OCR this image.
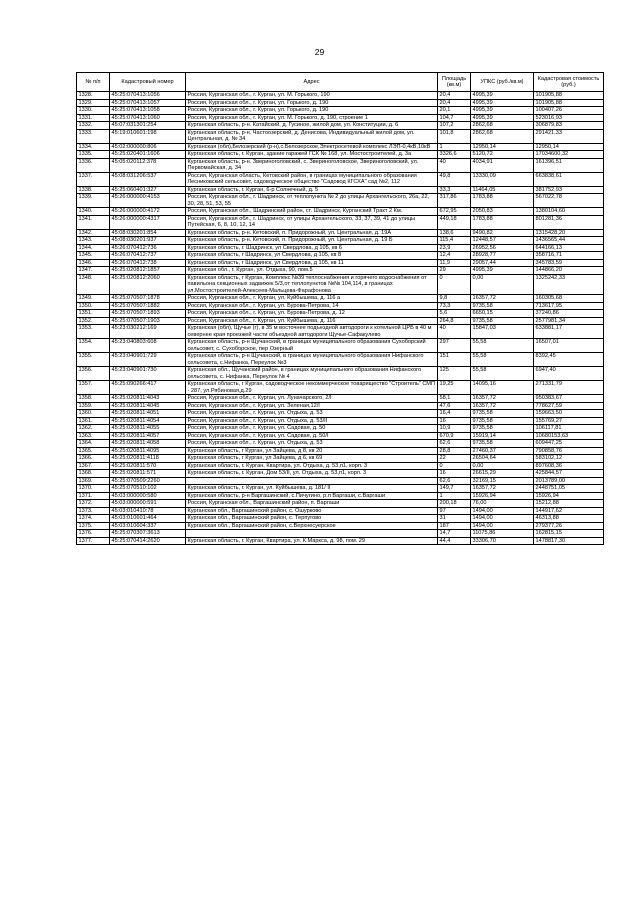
29
№ п/п	Кадастровый номер	Адрес	Площадь (кв.м)	УПКС (руб./кв.м)	Кадастровая стоимость (руб.)
1328.	45:25:070413:1056	Россия, Курганская обл., г. Курган, ул. М. Горького, 190	20,4	4995,39	101905,88
1329.	45:25:070413:1057	Россия, Курганская обл., г. Курган, ул. Горького, д. 190	20,4	4995,39	101905,88
1330.	45:25:070413:1058	Россия, Курганская обл., г. Курган, ул. Горького, д. 190	20,1	4995,39	100407,26
1331.	45:25:070413:1060	Россия, Курганская обл., г. Курган, ул. М. Горького, д. 190, строение 1	104,7	4995,39	523016,93
1332.	45:07:031301:254	Курганская область, р-н. Катайский, д. Гусиное, жилой дом, ул. Конституции, д. 6	107,2	2862,68	306879,83
1333.	45:19:010601:198	Курганская область, р-н. Частоозерский, д. Денисова, Индивидуальный жилой дом, ул. Центральная, д. № 34	101,8	2862,68	291421,33
1334.	45:02:000000:806	Курганская (обл),Белозерский (р-н),с.Белозерское,Электросетевой комплекс ЛЭП-0,4кВ,10кВ	1	12950,14	12950,14
1335.	45:25:020401:1606	Курганская область, г. Курган, здание гаражей ГСК № 168, ул. Мостостроителей, д. 3а	3326,6	5120,72	17034600,32
1336.	45:05:020112:378	Курганская область, р-н. Звериноголовский, с. Звериноголовское, Звериноголовский, ул. Первомайская, д. 34	40	4034,91	161396,51
1337.	45:08:031206:537	Россия, Курганская область, Кетовский район, в границах муниципального образования Лесниковский сельсовет, садоводческое общество "Садовод КГСХА" сад №2, 112	49,8	13330,09	663838,61
1338.	45:25:060401:327	Курганская область, г. Курган, 6-р Солнечный, д. 5	33,3	11464,05	381752,93
1339.	45:26:000000:4153	Россия, Курганская обл., г. Шадринск, от теплопункта № 2 до улицы Архангельского, 26а, 22, 30, 28, 51, 53, 55	317,86	1783,88	567022,78
1340.	45:26:000000:4172	Россия, Курганская обл., Шадринский район, ст. Шадринск, Курганский Тракт 2 Км.	672,95	2050,83	1380104,60
1341.	45:26:000000:4317	Россия, Курганская обл., г. Шадринск, от улицы Архангельского, 33, 37, 39, 41 до улицы Путейская, 6, 8, 10, 12, 14	449,18	1783,88	801281,36
1342.	45:08:030201:854	Курганская область, р-н. Кетовский, п. Придорожный, ул. Центральная, д. 19А	138,6	9490,82	1315428,20
1343.	45:08:030201:937	Курганская область, р-н. Кетовский, п. Придорожный, ул. Центральная, д. 19 Б	115,4	12448,57	1436565,44
1344.	45:26:070412:736	Курганская область, г. Шадринск, ул Свердлова, д 105, кв 6	23,9	26952,56	644166,13
1345.	45:26:070412:737	Курганская область, г Шадринск, ул Свердлова, д 105, кв 8	12,4	28928,77	358716,71
1346.	45:26:070412:738	Курганская область, г Шадринск, ул Свердлова, д 105, кв 11	11,9	29057,44	345783,59
1347.	45:25:020812:1857	Курганская обл., г. Курган, ул. Отдыха, 90, пом.5	29	4995,39	144866,20
1348.	45:25:020812:2060	Курганская область, г Курган, Комплекс №39 теплоснабжения и горячего водоснабжения от павильона секционных задвижек 5/3,от теплопунктов №№ 104,114, в границах ул.Мостостроителей-Алексеев-Мальцева-Фарафонова	0	0,00	1325242,33
1349.	45:25:070507:1878	Россия, Курганская обл., г. Курган, ул. Куйбышева, д. 116 а	9,8	16357,72	160305,68
1350.	45:25:070507:1882	Россия, Курганская обл., г. Курган, ул. Бурова-Петрова, 14	73,3	9735,58	713617,95
1351.	45:25:070507:1893	Россия, Курганская обл., г. Курган, ул. Бурова-Петрова, д. 12	5,6	6650,15	37240,86
1352.	45:25:070507:1903	Россия, Курганская обл., г. Курган, ул. Куйбышева, д. 116	264,8	9735,58	2577981,34
1353.	45:23:030212:169	Курганская (обл), Щучье (г), в 35 м восточнее подъездной автодороги к котельной ЦРБ в 40 м севернее края проезжей части объездной автодороги Щучье-Сафакулево	40	15847,03	633881,17
1354.	45:23:040803:608	Курганская область, р-н Щучанский, в границах муниципального образования Сухоборский сельсовет, с. Сухоборское, пер Озерный	297	55,58	16507,01
1355.	45:23:040901:729	Курганская область, р-н Щучанский, в границах муниципального образования Нифанского сельсовета, с.Нифанка, Переулок №3	151	55,58	8392,45
1356.	45:23:040901:730	Курганская обл., Щучанский район, в границах муниципального образования Нифанского сельсовета, с. Нифанка, Переулок № 4	125	55,58	6947,40
1357.	45:25:090266:417	Курганская область, г Курган, садоводческое некоммерческое товарищество "Строитель" СМП - 287, ул.Рябиновая,д.29	19,25	14095,16	271331,79
1358.	45:25:020811:4043	Россия, Курганская обл., г. Курган, ул. Луначарского, 2/I	58,1	16357,72	950383,67
1359.	45:25:020811:4045	Россия, Курганская обл., г. Курган, ул. Зеленая,12/I	47,6	16357,72	778627,59
1360.	45:25:020811:4051	Россия, Курганская обл., г. Курган, ул. Отдыха, д. 53	16,4	9735,58	159663,50
1361.	45:25:020811:4054	Россия, Курганская обл., г. Курган, ул. Отдыха, д. 53/II	16	9735,58	155769,27
1362.	45:25:020811:4055	Россия, Курганская обл., г. Курган, ул. Садовая, д. 50	10,9	9735,58	106117,81
1363.	45:25:020811:4057	Россия, Курганская обл., г. Курган, ул. Садовая, д. 50/I	670,9	15919,14	10680153,63
1364.	45:25:020811:4058	Россия, Курганская обл., г. Курган, ул. Отдыха, д. 53	62,6	9735,58	609447,25
1365.	45:25:020811:4095	Курганская область, г Курган, ул Зайцева, д 8, кв 20	28,8	27460,37	790858,76
1366.	45:25:020811:4118	Курганская область, г Курган, ул Зайцева, д 6, кв 69	22	26504,64	583102,12
1367.	45:25:020811:570	Курганская область, г. Курган, Квартира, ул. Отдыха, д. 53,п1, корп. 3	0	0,00	897608,36
1368.	45:25:020811:571	Курганская область, г. Курган, Дом 53/II, ул. Отдыха, д. 53,п1, корп. 3	16	26615,29	425844,57
1369.	45:25:070509:2260		62,6	32169,15	2013789,00
1370.	45:25:070510:102	Курганская область, г. Курган, ул. Куйбышева, д. 181/ II	149,7	16357,72	2448751,05
1371.	45:03:000000:580	Курганская область, р-н Варгашинский, с.Пичугино, р.п Варгаши, с.Варгаши	1	15926,94	15926,94
1372.	45:03:000000:591	Россия, Курганская обл., Варгашинский район, п. Варгаши	200,18	76,00	15212,88
1373.	45:03:010410:78	Курганская обл., Варгашинский район, с. Ошурково	97	1494,00	144917,62
1374.	45:03:010601:464	Курганская обл., Варгашинский район, с. Терпугово	31	1494,00	46313,88
1375.	45:03:010604:337	Курганская обл., Варгашинский район, с.Верхнесуерское	187	1494,00	279377,26
1376.	45:25:070307:3613		14,7	11075,86	162815,15
1377.	45:25:070414:2620	Курганская область, г. Курган, Квартира, ул. К.Маркса, д. 98, пом. 29	44,4	33306,70	1478817,30
